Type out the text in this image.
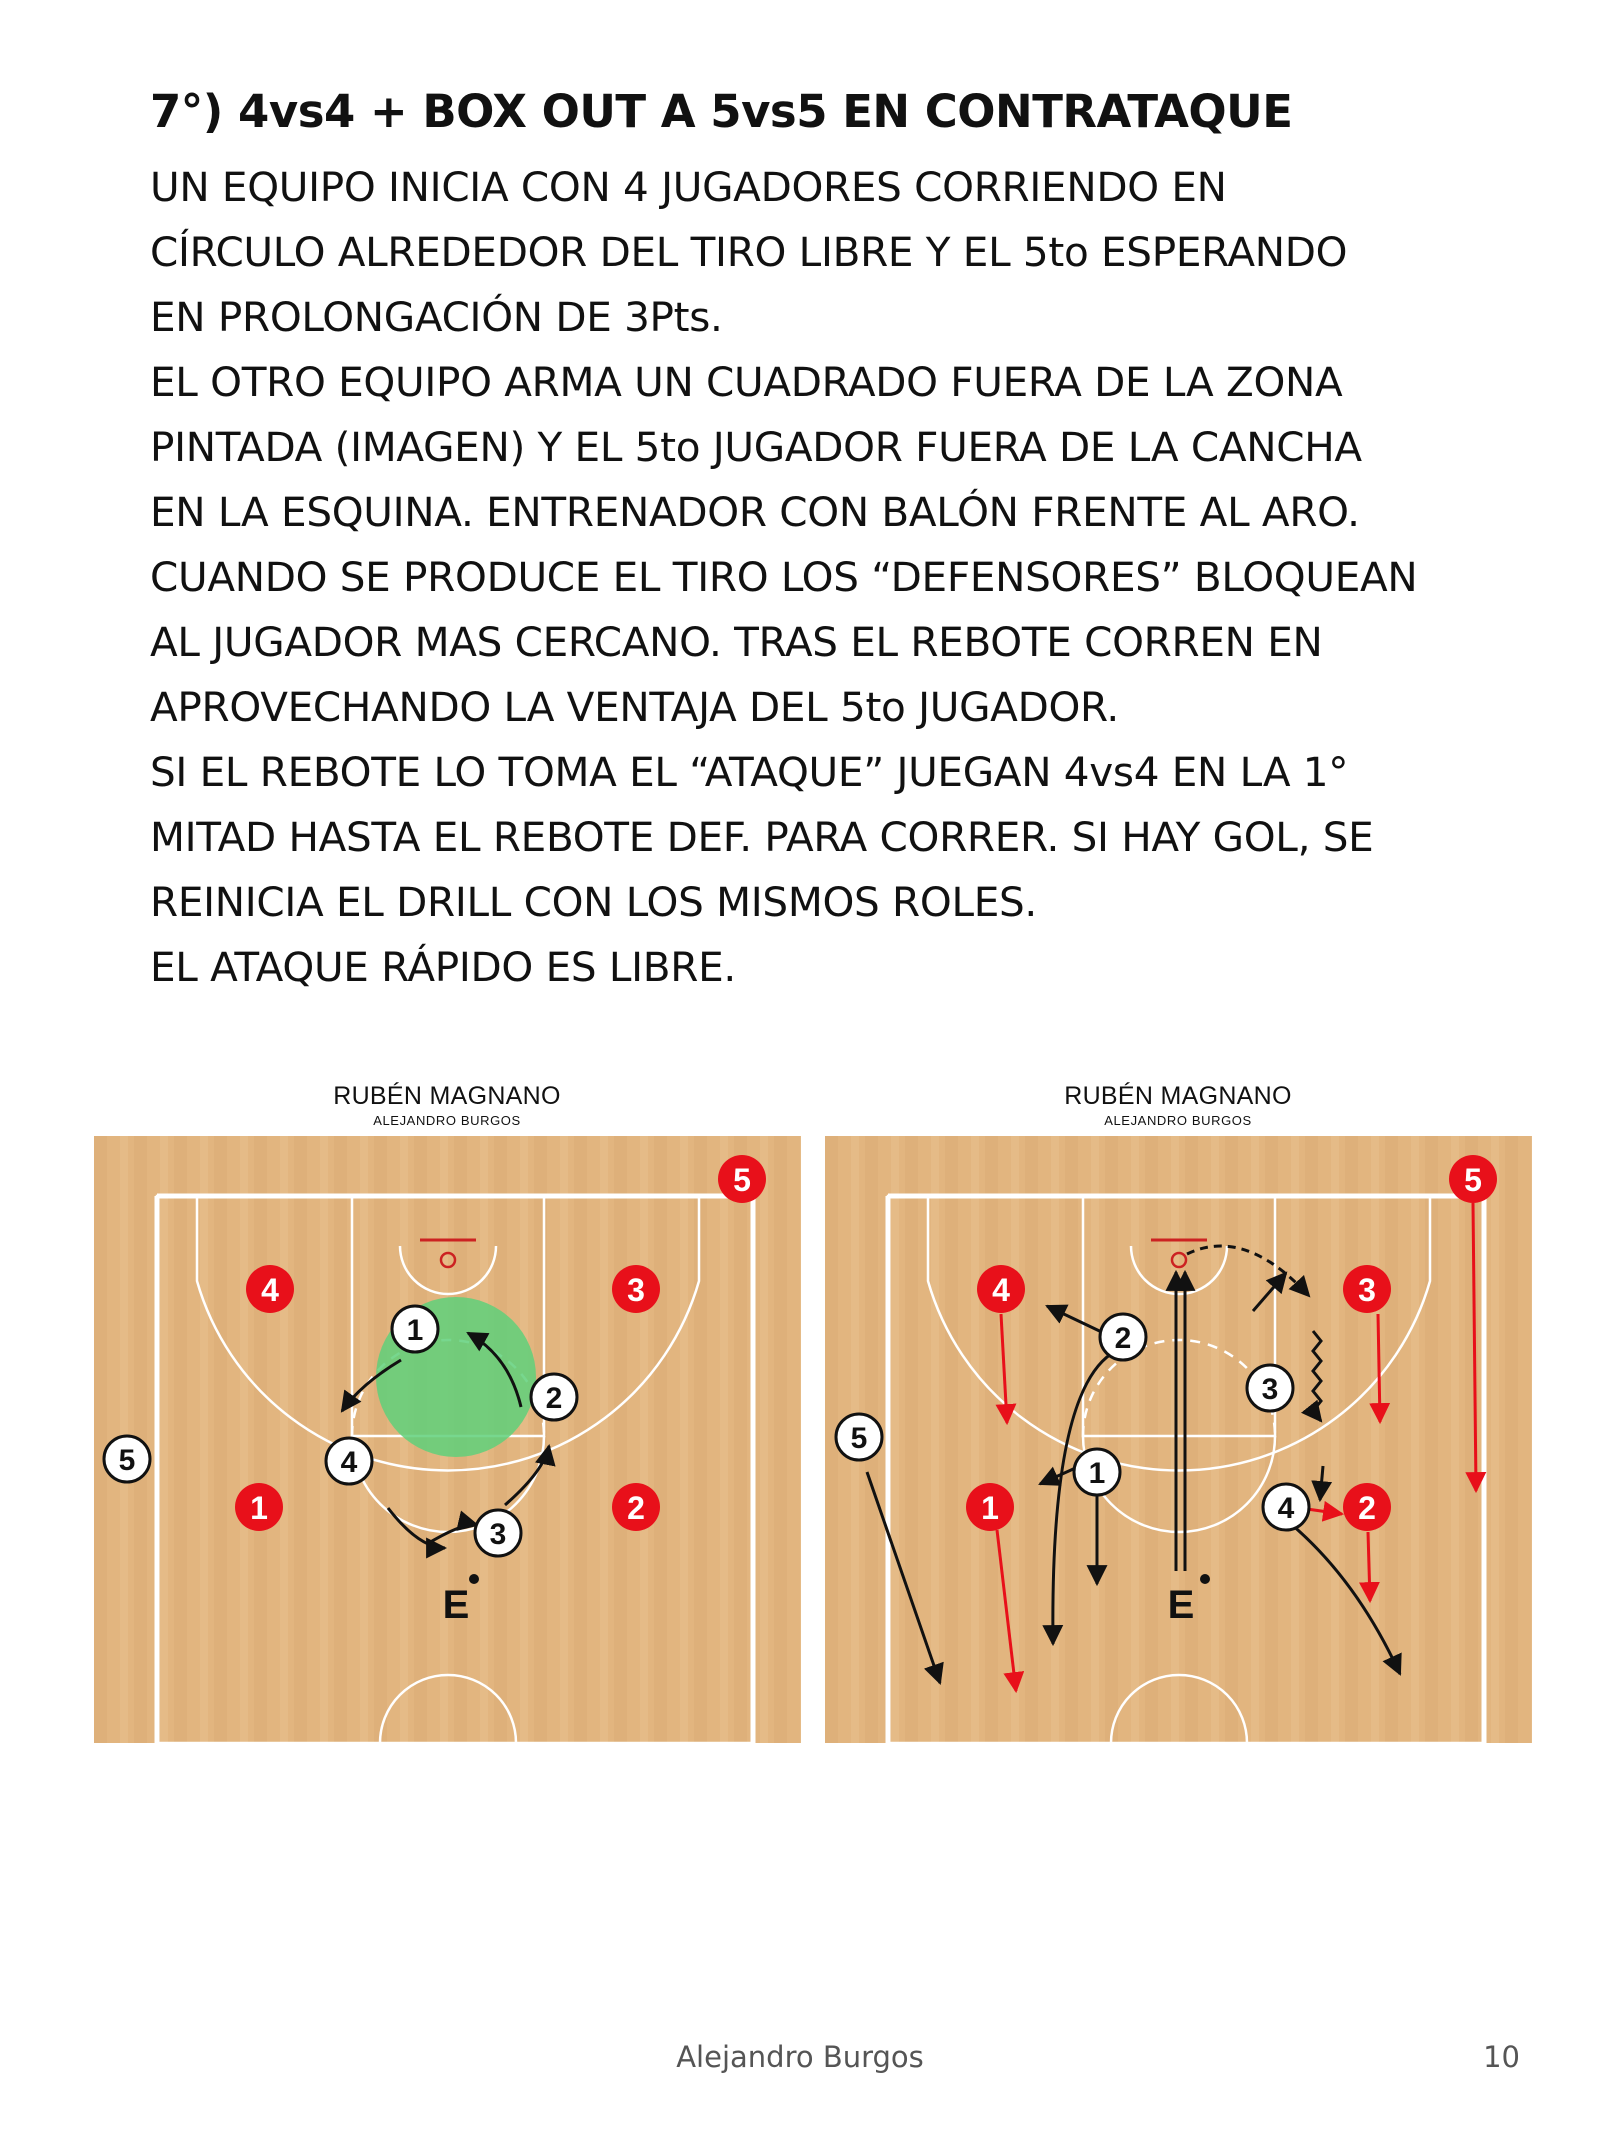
7°) 4vs4 + BOX OUT A 5vs5 EN CONTRATAQUE
UN EQUIPO INICIA CON 4 JUGADORES CORRIENDO EN
CÍRCULO ALREDEDOR DEL TIRO LIBRE Y EL 5to ESPERANDO
EN PROLONGACIÓN DE 3Pts.
EL OTRO EQUIPO ARMA UN CUADRADO FUERA DE LA ZONA
PINTADA (IMAGEN) Y EL 5to JUGADOR FUERA DE LA CANCHA
EN LA ESQUINA. ENTRENADOR CON BALÓN FRENTE AL ARO.
CUANDO SE PRODUCE EL TIRO LOS “DEFENSORES” BLOQUEAN
AL JUGADOR MAS CERCANO. TRAS EL REBOTE CORREN EN
APROVECHANDO LA VENTAJA DEL 5to JUGADOR.
SI EL REBOTE LO TOMA EL “ATAQUE” JUEGAN 4vs4 EN LA 1°
MITAD HASTA EL REBOTE DEF. PARA CORRER. SI HAY GOL, SE
REINICIA EL DRILL CON LOS MISMOS ROLES.
EL ATAQUE RÁPIDO ES LIBRE.
RUBÉN MAGNANO
ALEJANDRO BURGOS
5
4	3
1	2
1
2
4
3
5
E
RUBÉN MAGNANO
ALEJANDRO BURGOS
5
4	3
1	2
2
3
1
4
5
E
Alejandro Burgos	10
